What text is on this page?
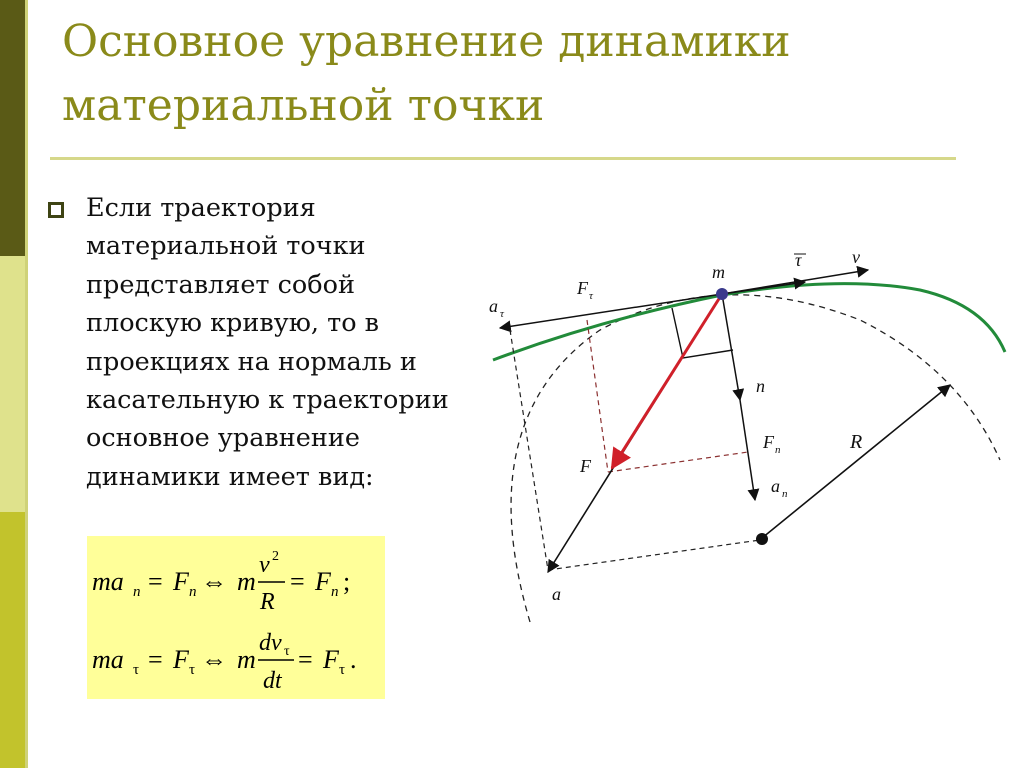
Основное уравнение динамики
материальной точки
Если траектория
материальной точки
представляет собой
плоскую кривую, то в
проекциях на нормаль и
касательную к траектории
основное уравнение
динамики имеет вид:
ma n = F n ⇔ m
v 2
R
= F n ;
ma τ = F τ ⇔ m
dv τ
dt
= F τ .
m
τ	v
a τ
F τ
n
F n
F
a n
R
a
